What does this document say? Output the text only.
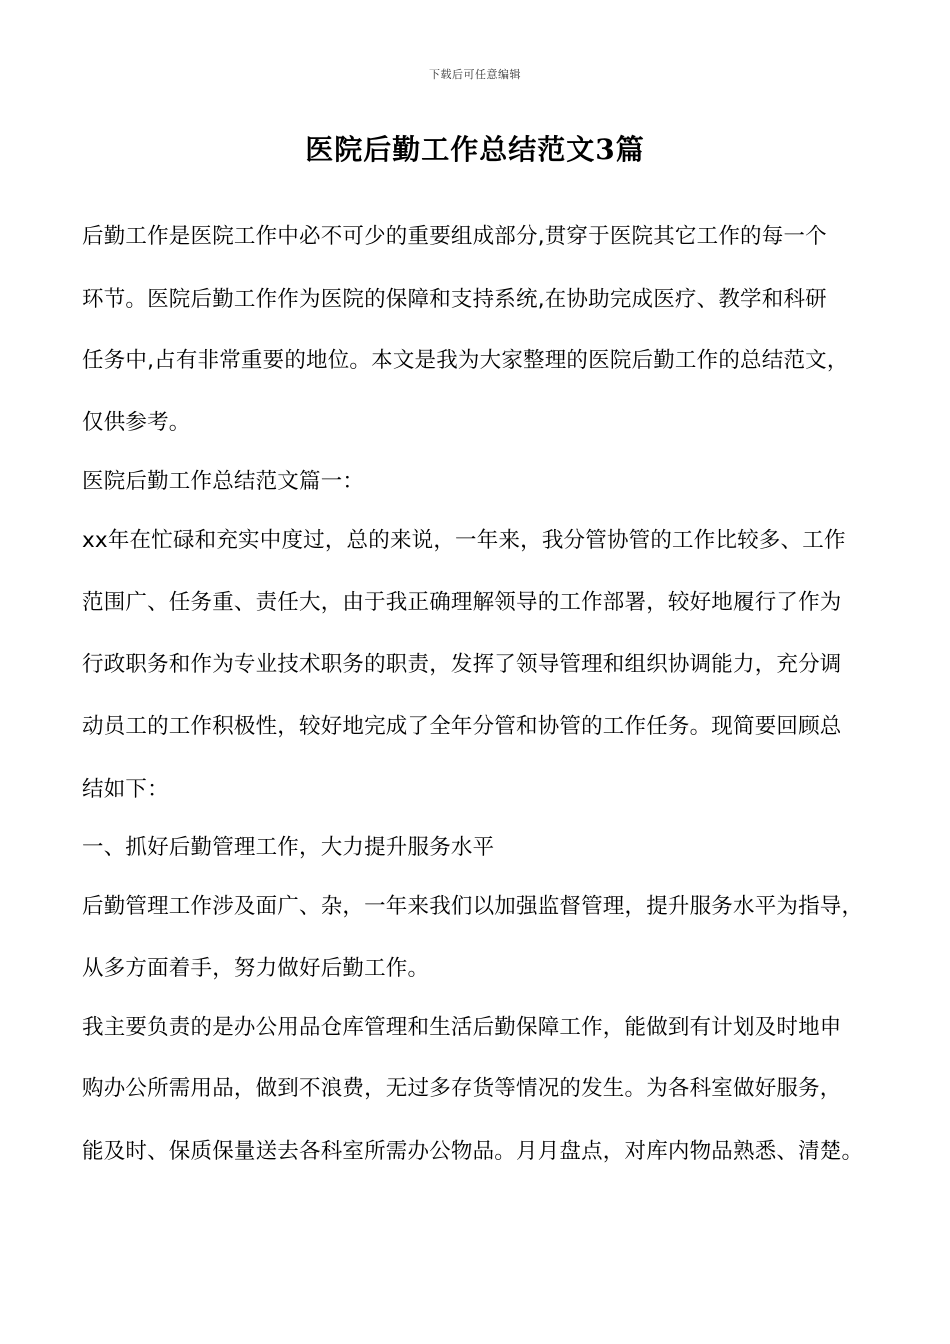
下载后可任意编辑
医院后勤工作总结范文3篇
后勤工作是医院工作中必不可少的重要组成部分,贯穿于医院其它工作的每一个
环节。医院后勤工作作为医院的保障和支持系统,在协助完成医疗、教学和科研
任务中,占有非常重要的地位。本文是我为大家整理的医院后勤工作的总结范文，
仅供参考。
医院后勤工作总结范文篇一：
xx年在忙碌和充实中度过，总的来说，一年来，我分管协管的工作比较多、工作
范围广、任务重、责任大，由于我正确理解领导的工作部署，较好地履行了作为
行政职务和作为专业技术职务的职责，发挥了领导管理和组织协调能力，充分调
动员工的工作积极性，较好地完成了全年分管和协管的工作任务。现简要回顾总
结如下：
一、抓好后勤管理工作，大力提升服务水平
后勤管理工作涉及面广、杂，一年来我们以加强监督管理，提升服务水平为指导，
从多方面着手，努力做好后勤工作。
我主要负责的是办公用品仓库管理和生活后勤保障工作，能做到有计划及时地申
购办公所需用品，做到不浪费，无过多存货等情况的发生。为各科室做好服务，
能及时、保质保量送去各科室所需办公物品。月月盘点，对库内物品熟悉、清楚。
